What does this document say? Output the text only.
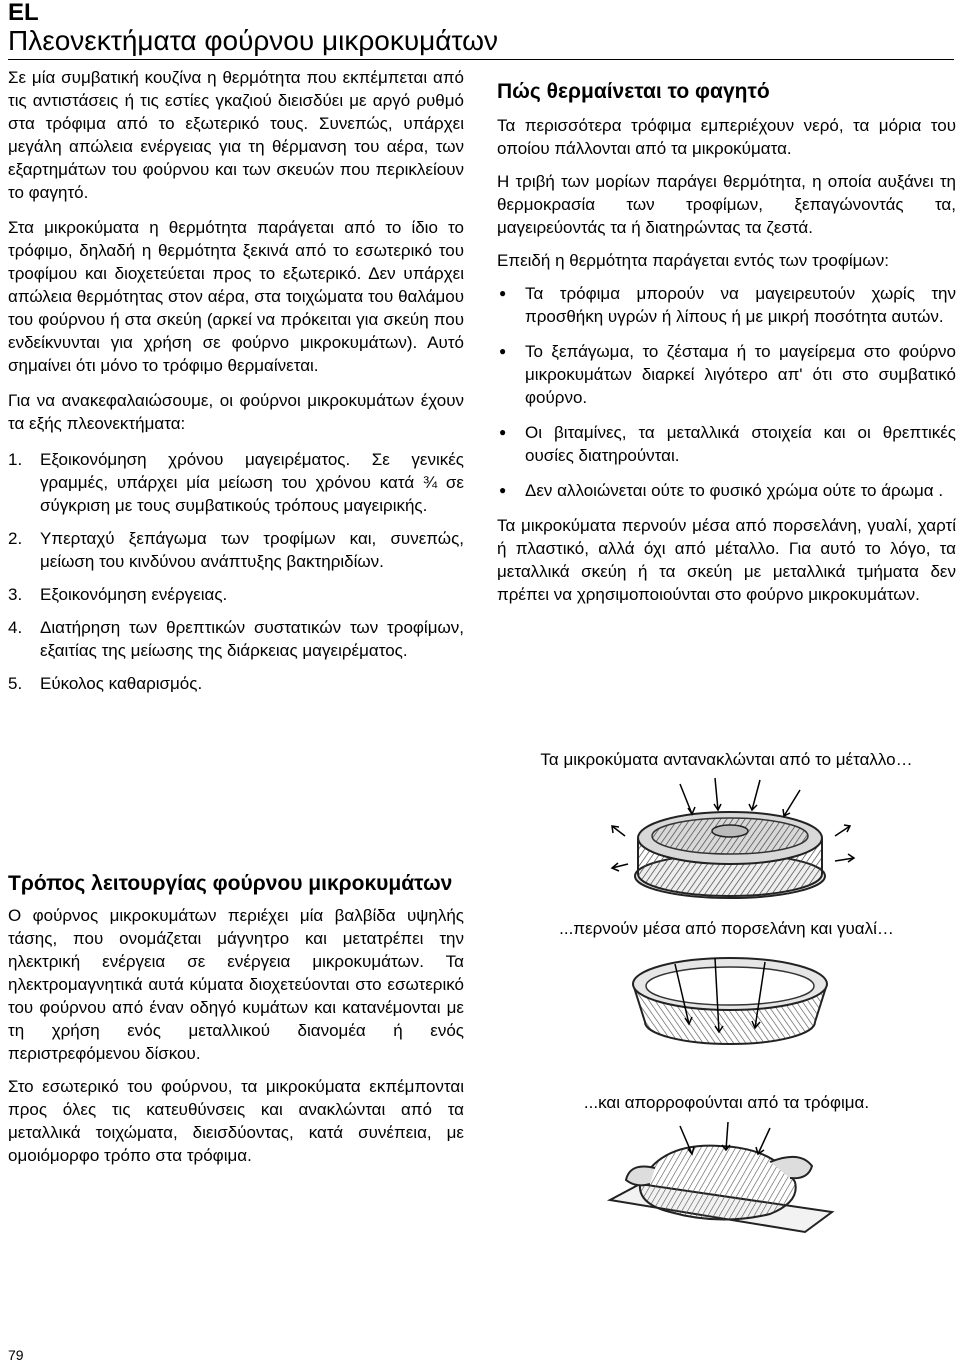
EL
Πλεονεκτήματα φούρνου μικροκυμάτων

Σε μία συμβατική κουζίνα η θερμότητα που εκπέμπεται από τις αντιστάσεις ή τις εστίες γκαζιού διεισδύει με αργό ρυθμό στα τρόφιμα από το εξωτερικό τους. Συνεπώς, υπάρχει μεγάλη απώλεια ενέργειας για τη θέρμανση του αέρα, των εξαρτημάτων του φούρνου και των σκευών που περικλείουν το φαγητό.

Στα μικροκύματα η θερμότητα παράγεται από το ίδιο το τρόφιμο, δηλαδή η θερμότητα ξεκινά από το εσωτερικό του τροφίμου και διοχετεύεται προς το εξωτερικό. Δεν υπάρχει απώλεια θερμότητας στον αέρα, στα τοιχώματα του θαλάμου του φούρνου ή στα σκεύη (αρκεί να πρόκειται για σκεύη που ενδείκνυνται για χρήση σε φούρνο μικροκυμάτων). Αυτό σημαίνει ότι μόνο το τρόφιμο θερμαίνεται.

Για να ανακεφαλαιώσουμε, οι φούρνοι μικροκυμάτων έχουν τα εξής πλεονεκτήματα:

1.	Εξοικονόμηση χρόνου μαγειρέματος. Σε γενικές γραμμές, υπάρχει μία μείωση του χρόνου κατά ¾ σε σύγκριση με τους συμβατικούς τρόπους μαγειρικής.
2.	Υπερταχύ ξεπάγωμα των τροφίμων και, συνεπώς, μείωση του κινδύνου ανάπτυξης βακτηριδίων.
3.	Εξοικονόμηση ενέργειας.
4.	Διατήρηση των θρεπτικών συστατικών των τροφίμων, εξαιτίας της μείωσης της διάρκειας μαγειρέματος.
5.	Εύκολος καθαρισμός.
Τρόπος λειτουργίας φούρνου μικροκυμάτων

Ο φούρνος μικροκυμάτων περιέχει μία βαλβίδα υψηλής τάσης, που ονομάζεται μάγνητρο και μετατρέπει την ηλεκτρική ενέργεια σε ενέργεια μικροκυμάτων. Τα ηλεκτρομαγνητικά αυτά κύματα διοχετεύονται στο εσωτερικό του φούρνου από έναν οδηγό κυμάτων και κατανέμονται με τη χρήση ενός μεταλλικού διανομέα ή ενός περιστρεφόμενου δίσκου.

Στο εσωτερικό του φούρνου, τα μικροκύματα εκπέμπονται προς όλες τις κατευθύνσεις και ανακλώνται από τα μεταλλικά τοιχώματα, διεισδύοντας, κατά συνέπεια, με ομοιόμορφο τρόπο στα τρόφιμα.

Πώς θερμαίνεται το φαγητό

Τα περισσότερα τρόφιμα εμπεριέχουν νερό, τα μόρια του οποίου πάλλονται από τα μικροκύματα.

Η τριβή των μορίων παράγει θερμότητα, η οποία αυξάνει τη θερμοκρασία των τροφίμων, ξεπαγώνοντάς τα, μαγειρεύοντάς τα ή διατηρώντας τα ζεστά.

Επειδή η θερμότητα παράγεται εντός των τροφίμων:

●	Τα τρόφιμα μπορούν να μαγειρευτούν χωρίς την προσθήκη υγρών ή λίπους ή με μικρή ποσότητα αυτών.
●	Το ξεπάγωμα, το ζέσταμα ή το μαγείρεμα στο φούρνο μικροκυμάτων διαρκεί λιγότερο απ' ότι στο συμβατικό φούρνο.
●	Οι βιταμίνες, τα μεταλλικά στοιχεία και οι θρεπτικές ουσίες διατηρούνται.
●	Δεν αλλοιώνεται ούτε το φυσικό χρώμα ούτε το άρωμα .

Τα μικροκύματα περνούν μέσα από πορσελάνη, γυαλί, χαρτί ή πλαστικό, αλλά όχι από μέταλλο. Για αυτό το λόγο, τα μεταλλικά σκεύη ή τα σκεύη με μεταλλικά τμήματα δεν πρέπει να χρησιμοποιούνται στο φούρνο μικροκυμάτων.

Τα μικροκύματα αντανακλώνται από το μέταλλο…
...περνούν μέσα από πορσελάνη και γυαλί…
...και απορροφούνται από τα τρόφιμα.
79
